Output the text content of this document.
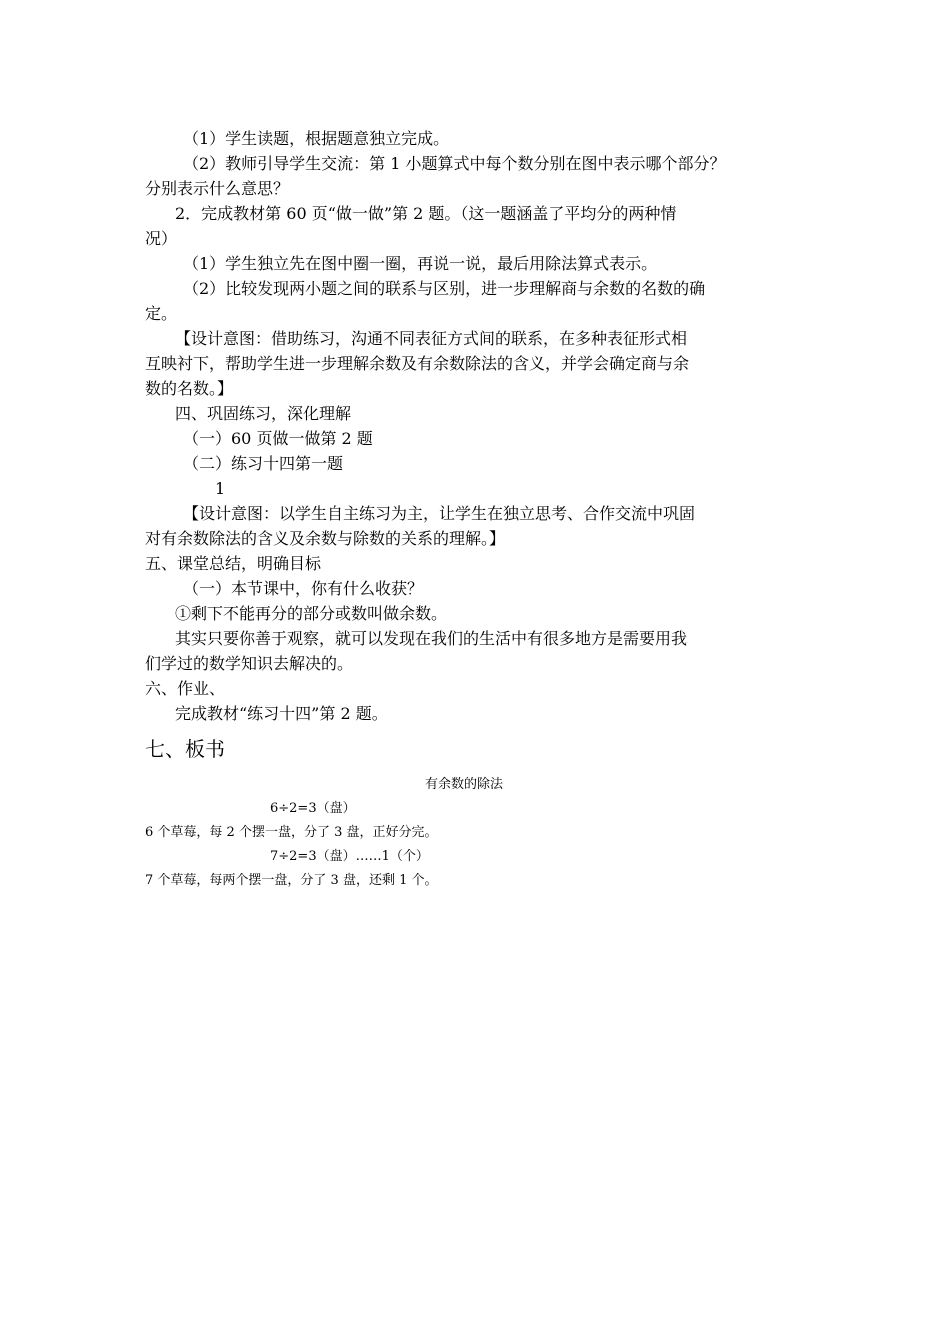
（1）学生读题，根据题意独立完成。
（2）教师引导学生交流：第 1 小题算式中每个数分别在图中表示哪个部分？
分别表示什么意思？
2．完成教材第 60 页“做一做”第 2 题。（这一题涵盖了平均分的两种情
况）
（1）学生独立先在图中圈一圈，再说一说，最后用除法算式表示。
（2）比较发现两小题之间的联系与区别，进一步理解商与余数的名数的确
定。
【设计意图：借助练习，沟通不同表征方式间的联系，在多种表征形式相
互映衬下，帮助学生进一步理解余数及有余数除法的含义，并学会确定商与余
数的名数。】
四、巩固练习，深化理解
（一）60 页做一做第 2 题
（二）练习十四第一题
1
【设计意图：以学生自主练习为主，让学生在独立思考、合作交流中巩固
对有余数除法的含义及余数与除数的关系的理解。】
五、课堂总结，明确目标
（一）本节课中，你有什么收获？
①剩下不能再分的部分或数叫做余数。
其实只要你善于观察，就可以发现在我们的生活中有很多地方是需要用我
们学过的数学知识去解决的。
六、作业、
完成教材“练习十四”第 2 题。
七、板书
有余数的除法
6÷2=3（盘）
6 个草莓，每 2 个摆一盘，分了 3 盘，正好分完。
7÷2=3（盘）……1（个）
7 个草莓，每两个摆一盘，分了 3 盘，还剩 1 个。
